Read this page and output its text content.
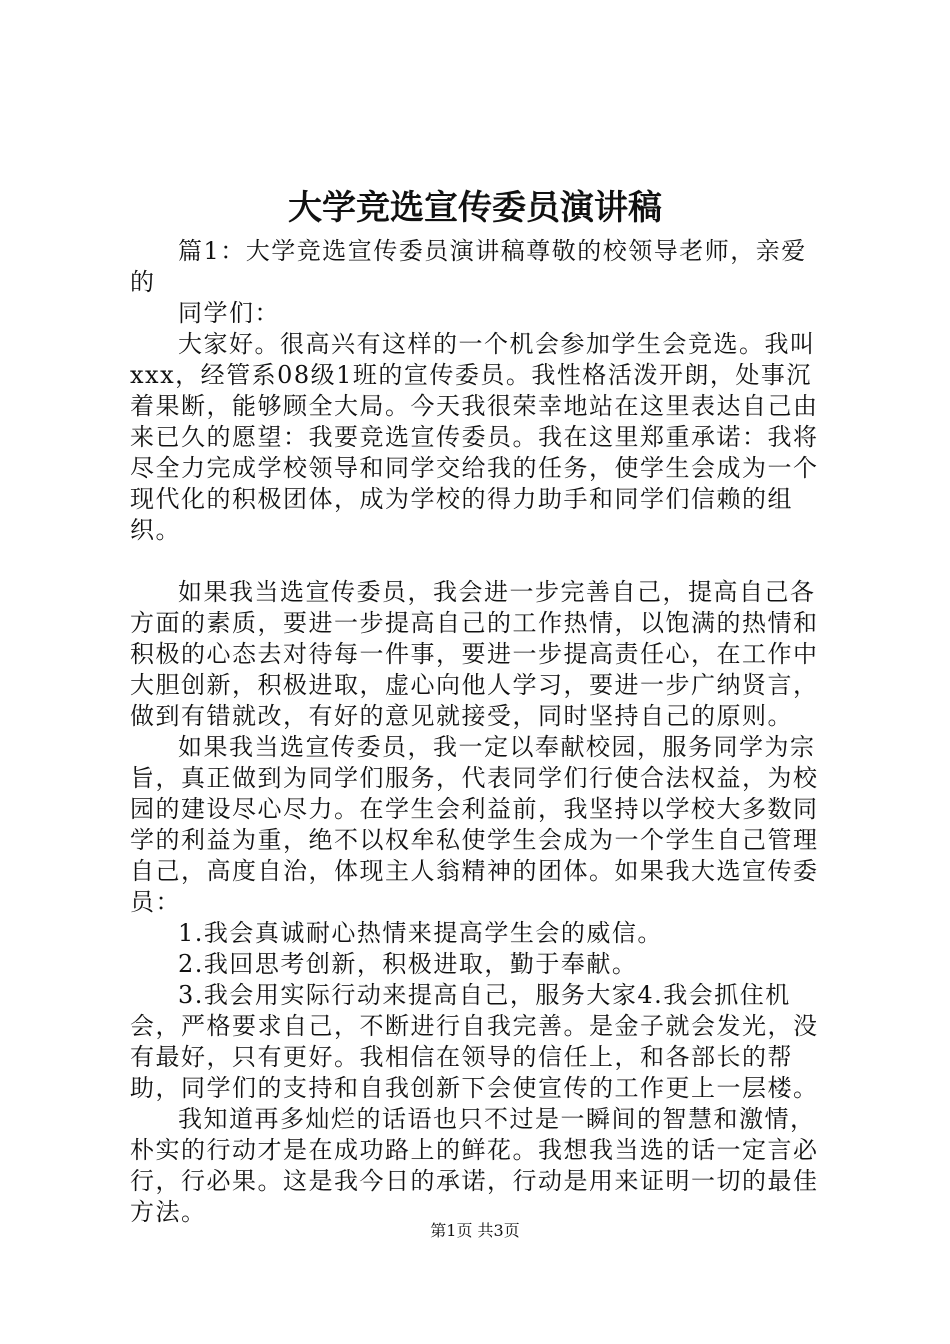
大学竞选宣传委员演讲稿

篇1：大学竞选宣传委员演讲稿尊敬的校领导老师，亲爱的

同学们：

大家好。很高兴有这样的一个机会参加学生会竞选。我叫xxx，经管系08级1班的宣传委员。我性格活泼开朗，处事沉着果断，能够顾全大局。今天我很荣幸地站在这里表达自己由来已久的愿望：我要竞选宣传委员。我在这里郑重承诺：我将尽全力完成学校领导和同学交给我的任务，使学生会成为一个现代化的积极团体，成为学校的得力助手和同学们信赖的组织。

如果我当选宣传委员，我会进一步完善自己，提高自己各方面的素质，要进一步提高自己的工作热情，以饱满的热情和积极的心态去对待每一件事，要进一步提高责任心，在工作中大胆创新，积极进取，虚心向他人学习，要进一步广纳贤言，做到有错就改，有好的意见就接受，同时坚持自己的原则。

如果我当选宣传委员，我一定以奉献校园，服务同学为宗旨，真正做到为同学们服务，代表同学们行使合法权益，为校园的建设尽心尽力。在学生会利益前，我坚持以学校大多数同学的利益为重，绝不以权牟私使学生会成为一个学生自己管理自己，高度自治，体现主人翁精神的团体。如果我大选宣传委员：

1.我会真诚耐心热情来提高学生会的威信。

2.我回思考创新，积极进取，勤于奉献。

3.我会用实际行动来提高自己，服务大家4.我会抓住机会，严格要求自己，不断进行自我完善。是金子就会发光，没有最好，只有更好。我相信在领导的信任上，和各部长的帮助，同学们的支持和自我创新下会使宣传的工作更上一层楼。

我知道再多灿烂的话语也只不过是一瞬间的智慧和激情，朴实的行动才是在成功路上的鲜花。我想我当选的话一定言必行，行必果。这是我今日的承诺，行动是用来证明一切的最佳方法。

第1页 共3页
